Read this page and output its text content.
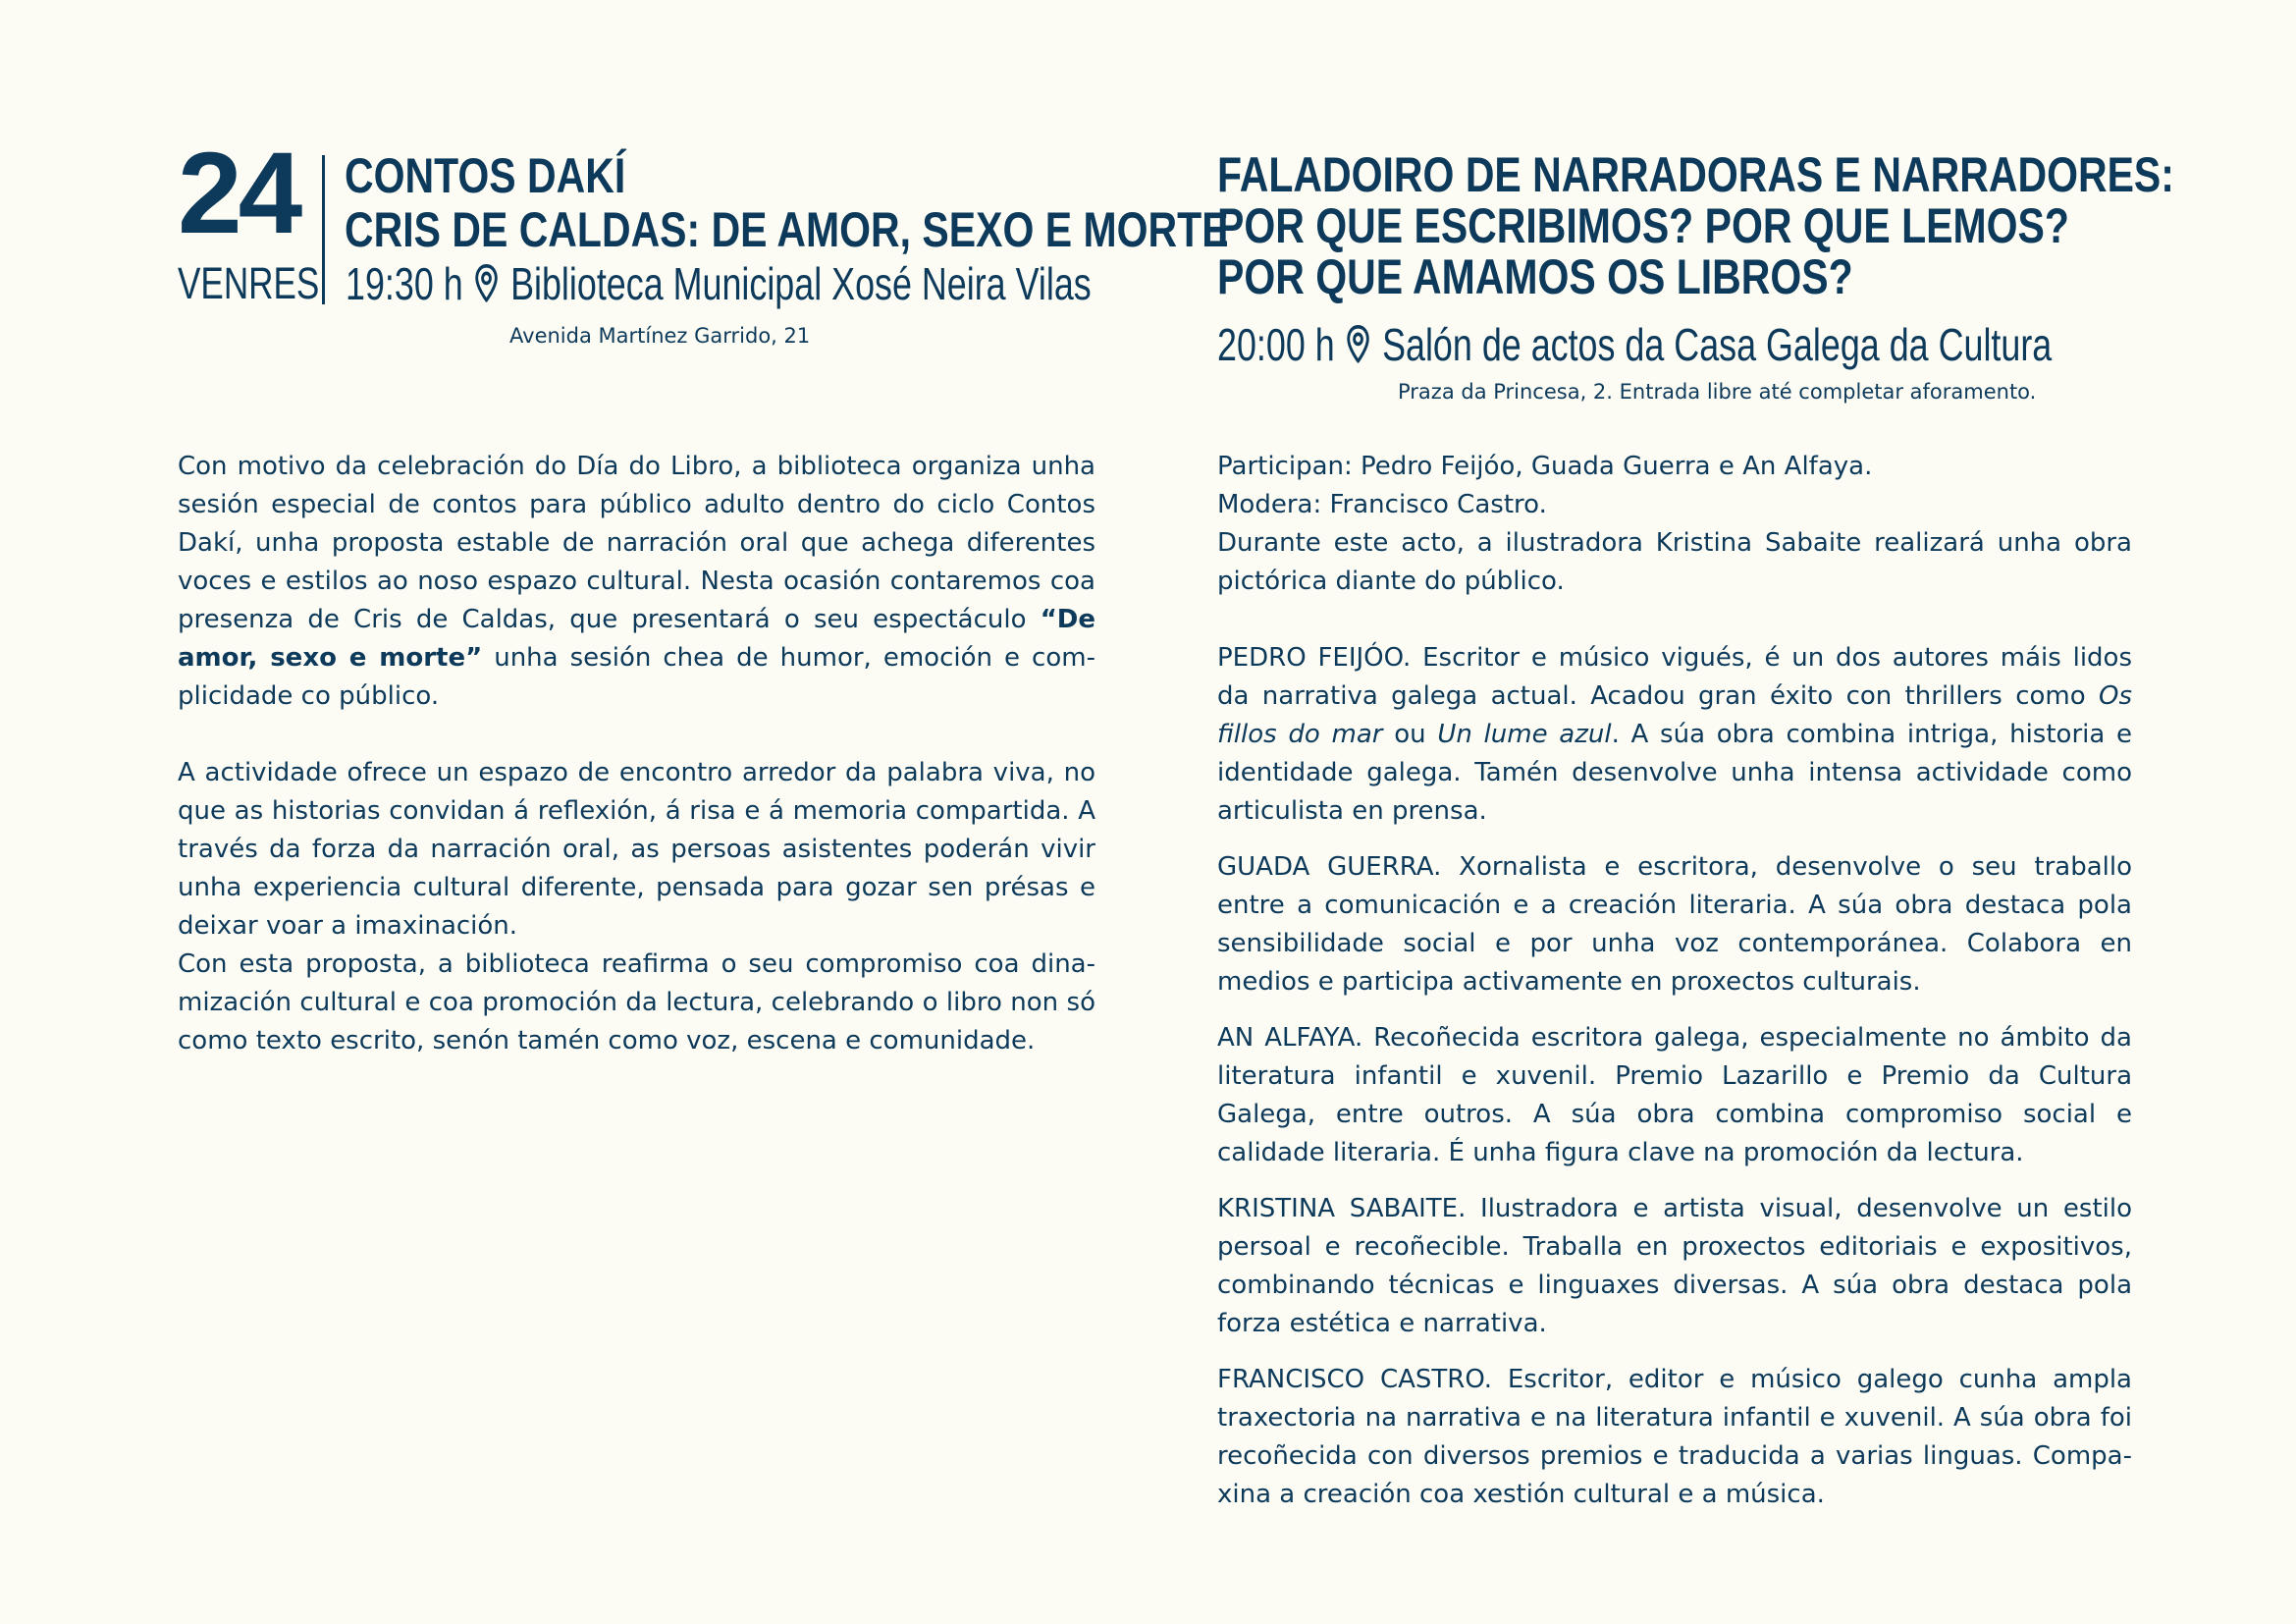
24
VENRES
CONTOS DAKÍ
CRIS DE CALDAS: DE AMOR, SEXO E MORTE
19:30 h Biblioteca Municipal Xosé Neira Vilas
Avenida Martínez Garrido, 21

Con motivo da celebración do Día do Libro, a biblioteca organiza unha sesión especial de contos para público adulto dentro do ciclo Contos Dakí, unha proposta estable de narración oral que achega diferentes voces e estilos ao noso espazo cultural. Nesta ocasión contaremos coa presenza de Cris de Caldas, que presentará o seu espectáculo “De amor, sexo e morte” unha sesión chea de humor, emoción e complicidade co público.

A actividade ofrece un espazo de encontro arredor da palabra viva, no que as historias convidan á reflexión, á risa e á memoria compartida. A través da forza da narración oral, as persoas asistentes poderán vivir unha experiencia cultural diferente, pensada para gozar sen présas e deixar voar a imaxinación.

Con esta proposta, a biblioteca reafirma o seu compromiso coa dinamización cultural e coa promoción da lectura, celebrando o libro non só como texto escrito, senón tamén como voz, escena e comunidade.

FALADOIRO DE NARRADORAS E NARRADORES:
POR QUE ESCRIBIMOS? POR QUE LEMOS?
POR QUE AMAMOS OS LIBROS?
20:00 h Salón de actos da Casa Galega da Cultura
Praza da Princesa, 2. Entrada libre até completar aforamento.

Participan: Pedro Feijóo, Guada Guerra e An Alfaya.

Modera: Francisco Castro.

Durante este acto, a ilustradora Kristina Sabaite realizará unha obra pictórica diante do público.

PEDRO FEIJÓO. Escritor e músico vigués, é un dos autores máis lidos da narrativa galega actual. Acadou gran éxito con thrillers como Os fillos do mar ou Un lume azul. A súa obra combina intriga, historia e identidade galega. Tamén desenvolve unha intensa actividade como articulista en prensa.

GUADA GUERRA. Xornalista e escritora, desenvolve o seu traballo entre a comunicación e a creación literaria. A súa obra destaca pola sensibilidade social e por unha voz contemporánea. Colabora en medios e participa activamente en proxectos culturais.

AN ALFAYA. Recoñecida escritora galega, especialmente no ámbito da literatura infantil e xuvenil. Premio Lazarillo e Premio da Cultura Galega, entre outros. A súa obra combina compromiso social e calidade literaria. É unha figura clave na promoción da lectura.

KRISTINA SABAITE. Ilustradora e artista visual, desenvolve un estilo persoal e recoñecible. Traballa en proxectos editoriais e expositivos, combinando técnicas e linguaxes diversas. A súa obra destaca pola forza estética e narrativa.

FRANCISCO CASTRO. Escritor, editor e músico galego cunha ampla traxectoria na narrativa e na literatura infantil e xuvenil. A súa obra foi recoñecida con diversos premios e traducida a varias linguas. Compaxina a creación coa xestión cultural e a música.
